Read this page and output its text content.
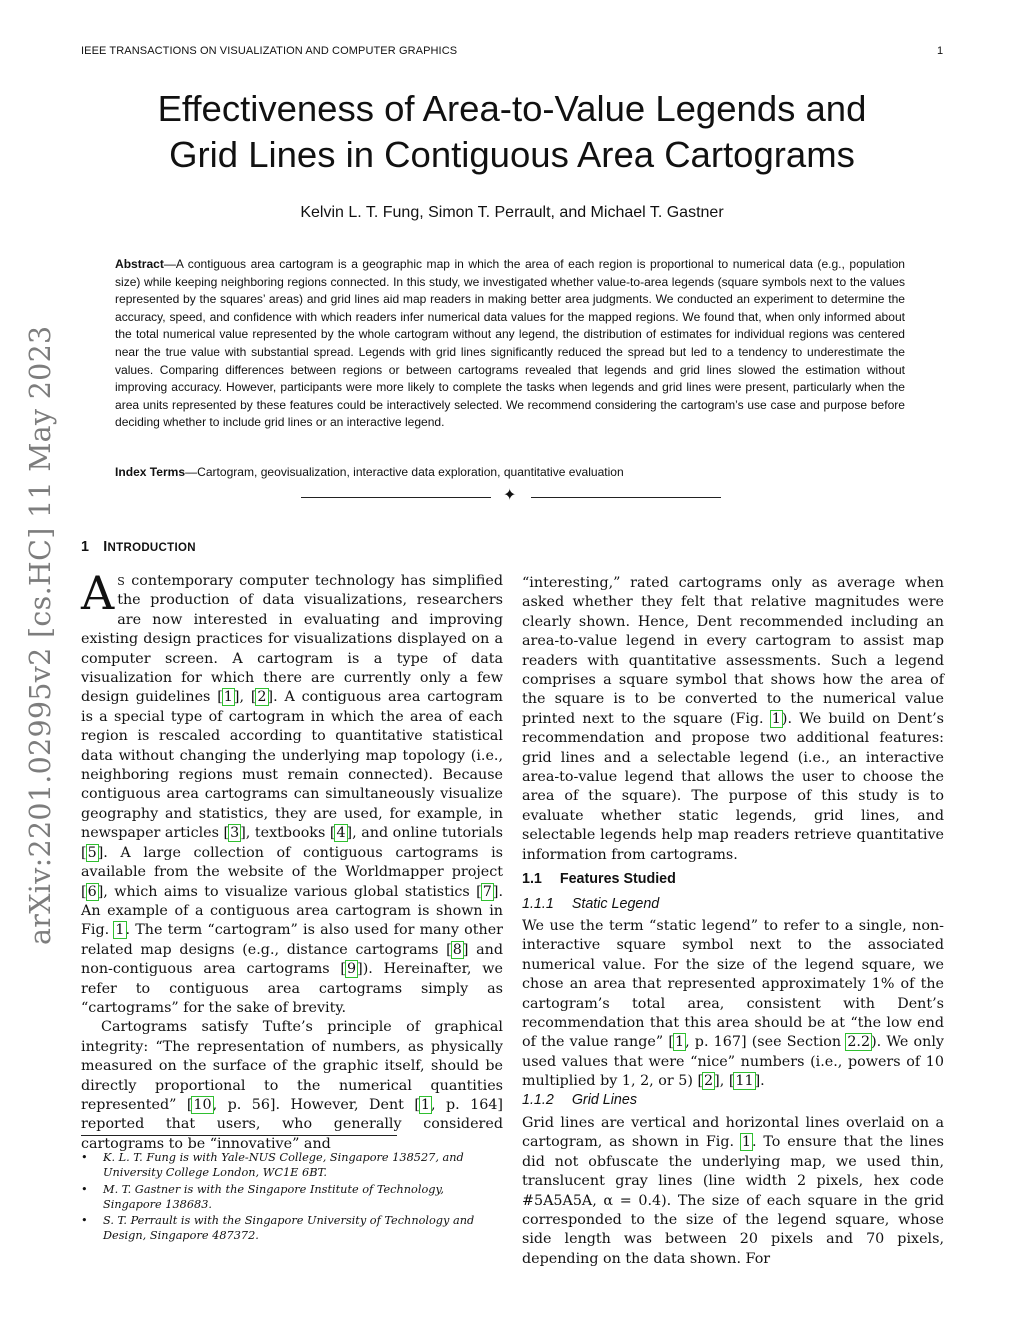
IEEE TRANSACTIONS ON VISUALIZATION AND COMPUTER GRAPHICS	1
arXiv:2201.02995v2 [cs.HC] 11 May 2023
Effectiveness of Area-to-Value Legends and
Grid Lines in Contiguous Area Cartograms
Kelvin L. T. Fung, Simon T. Perrault, and Michael T. Gastner

Abstract—A contiguous area cartogram is a geographic map in which the area of each region is proportional to numerical data (e.g., population size) while keeping neighboring regions connected. In this study, we investigated whether value-to-area legends (square symbols next to the values represented by the squares’ areas) and grid lines aid map readers in making better area judgments. We conducted an experiment to determine the accuracy, speed, and confidence with which readers infer numerical data values for the mapped regions. We found that, when only informed about the total numerical value represented by the whole cartogram without any legend, the distribution of estimates for individual regions was centered near the true value with substantial spread. Legends with grid lines significantly reduced the spread but led to a tendency to underestimate the values. Comparing differences between regions or between cartograms revealed that legends and grid lines slowed the estimation without improving accuracy. However, participants were more likely to complete the tasks when legends and grid lines were present, particularly when the area units represented by these features could be interactively selected. We recommend considering the cartogram’s use case and purpose before deciding whether to include grid lines or an interactive legend.

Index Terms—Cartogram, geovisualization, interactive data exploration, quantitative evaluation
✦
1 INTRODUCTION

A S contemporary computer technology has simplified the production of data visualizations, researchers are now interested in evaluating and improving existing design practices for visualizations displayed on a computer screen. A cartogram is a type of data visualization for which there are currently only a few design guidelines [1], [2]. A contiguous area cartogram is a special type of cartogram in which the area of each region is rescaled according to quantitative statistical data without changing the underlying map topology (i.e., neighboring regions must remain connected). Because contiguous area cartograms can simultaneously visualize geography and statistics, they are used, for example, in newspaper articles [3], textbooks [4], and online tutorials [5]. A large collection of contiguous cartograms is available from the website of the Worldmapper project [6], which aims to visualize various global statistics [7]. An example of a contiguous area cartogram is shown in Fig. 1. The term “cartogram” is also used for many other related map designs (e.g., distance cartograms [8] and non-contiguous area cartograms [9]). Hereinafter, we refer to contiguous area cartograms simply as “cartograms” for the sake of brevity.

Cartograms satisfy Tufte’s principle of graphical integrity: “The representation of numbers, as physically measured on the surface of the graphic itself, should be directly proportional to the numerical quantities represented” [10, p. 56]. However, Dent [1, p. 164] reported that users, who generally considered cartograms to be “innovative” and

• K. L. T. Fung is with Yale-NUS College, Singapore 138527, and University College London, WC1E 6BT.
• M. T. Gastner is with the Singapore Institute of Technology, Singapore 138683.
• S. T. Perrault is with the Singapore University of Technology and Design, Singapore 487372.

“interesting,” rated cartograms only as average when asked whether they felt that relative magnitudes were clearly shown. Hence, Dent recommended including an area-to-value legend in every cartogram to assist map readers with quantitative assessments. Such a legend comprises a square symbol that shows how the area of the square is to be converted to the numerical value printed next to the square (Fig. 1). We build on Dent’s recommendation and propose two additional features: grid lines and a selectable legend (i.e., an interactive area-to-value legend that allows the user to choose the area of the square). The purpose of this study is to evaluate whether static legends, grid lines, and selectable legends help map readers retrieve quantitative information from cartograms.

1.1 Features Studied
1.1.1 Static Legend

We use the term “static legend” to refer to a single, non-interactive square symbol next to the associated numerical value. For the size of the legend square, we chose an area that represented approximately 1% of the cartogram’s total area, consistent with Dent’s recommendation that this area should be at “the low end of the value range” [1, p. 167] (see Section 2.2). We only used values that were “nice” numbers (i.e., powers of 10 multiplied by 1, 2, or 5) [2], [11].

1.1.2 Grid Lines

Grid lines are vertical and horizontal lines overlaid on a cartogram, as shown in Fig. 1. To ensure that the lines did not obfuscate the underlying map, we used thin, translucent gray lines (line width 2 pixels, hex code #5A5A5A, α = 0.4). The size of each square in the grid corresponded to the size of the legend square, whose side length was between 20 pixels and 70 pixels, depending on the data shown. For
